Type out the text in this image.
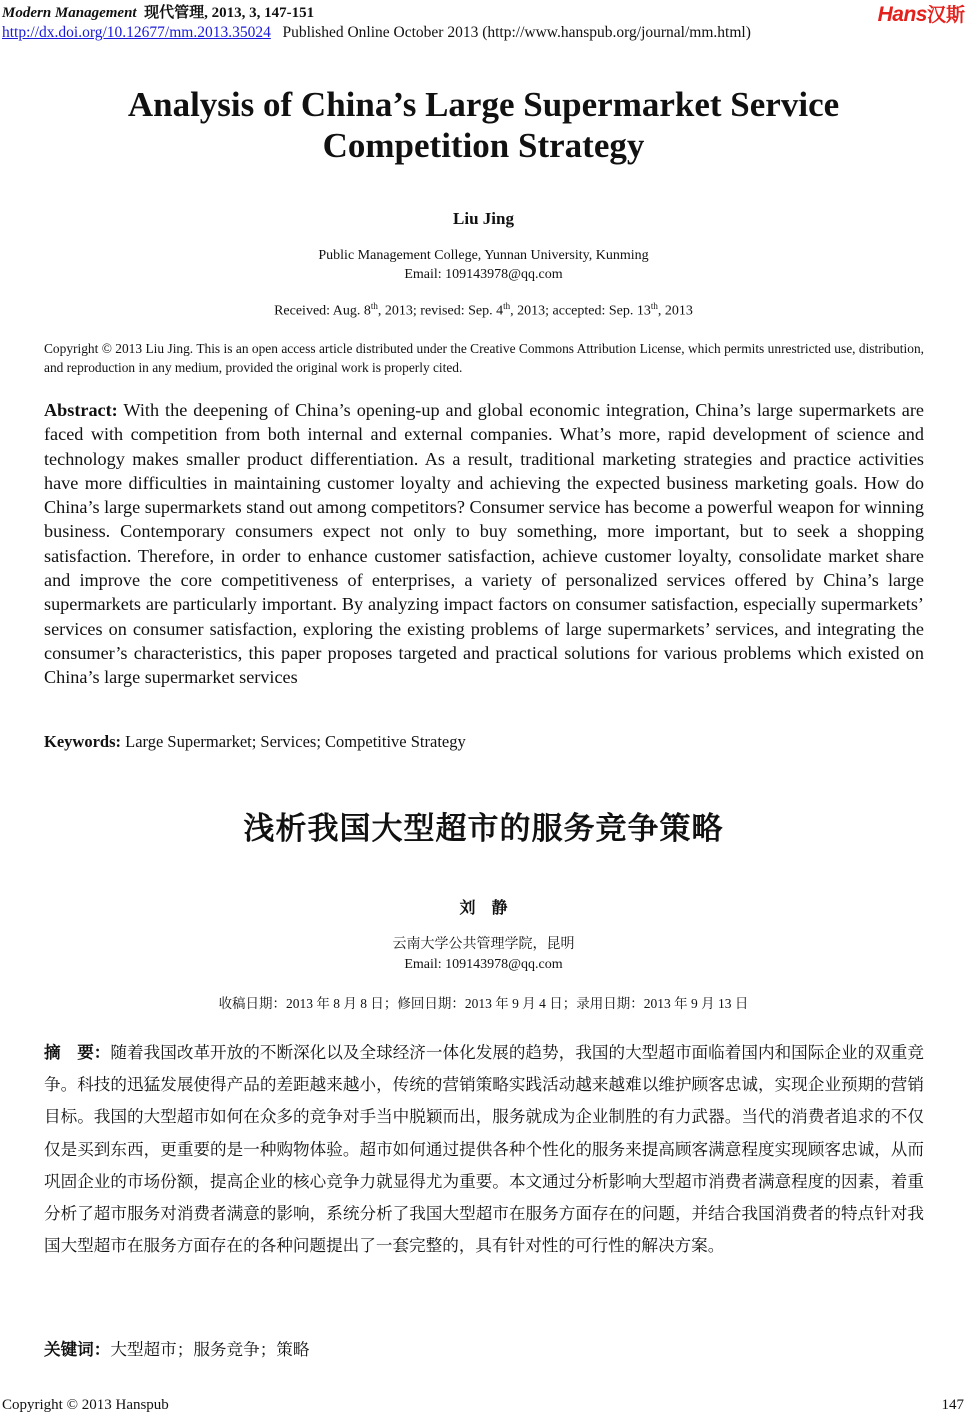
Modern Management 现代管理, 2013, 3, 147-151
http://dx.doi.org/10.12677/mm.2013.35024 Published Online October 2013 (http://www.hanspub.org/journal/mm.html)
Hans汉斯
Analysis of China’s Large Supermarket Service
Competition Strategy
Liu Jing
Public Management College, Yunnan University, Kunming
Email: 109143978@qq.com
Received: Aug. 8th, 2013; revised: Sep. 4th, 2013; accepted: Sep. 13th, 2013
Copyright © 2013 Liu Jing. This is an open access article distributed under the Creative Commons Attribution License, which permits unrestricted use, distribution, and reproduction in any medium, provided the original work is properly cited.
Abstract: With the deepening of China’s opening-up and global economic integration, China’s large supermarkets are faced with competition from both internal and external companies. What’s more, rapid development of science and technology makes smaller product differentiation. As a result, traditional marketing strategies and practice activities have more difficulties in maintaining customer loyalty and achieving the expected business marketing goals. How do China’s large supermarkets stand out among competitors? Consumer service has become a powerful weapon for winning business. Contemporary consumers expect not only to buy something, more important, but to seek a shopping satisfaction. Therefore, in order to enhance customer satisfaction, achieve customer loyalty, consolidate market share and improve the core competitiveness of enterprises, a variety of personalized services offered by China’s large supermarkets are particularly important. By analyzing impact factors on consumer satisfaction, especially supermarkets’ services on consumer satisfaction, exploring the existing problems of large supermarkets’ services, and integrating the consumer’s characteristics, this paper proposes targeted and practical solutions for various problems which existed on China’s large supermarket services
Keywords: Large Supermarket; Services; Competitive Strategy
浅析我国大型超市的服务竞争策略
刘　静
云南大学公共管理学院，昆明
Email: 109143978@qq.com
收稿日期：2013 年 8 月 8 日；修回日期：2013 年 9 月 4 日；录用日期：2013 年 9 月 13 日
摘　要：随着我国改革开放的不断深化以及全球经济一体化发展的趋势，我国的大型超市面临着国内和国际企业的双重竞争。科技的迅猛发展使得产品的差距越来越小，传统的营销策略实践活动越来越难以维护顾客忠诚，实现企业预期的营销目标。我国的大型超市如何在众多的竞争对手当中脱颖而出，服务就成为企业制胜的有力武器。当代的消费者追求的不仅仅是买到东西，更重要的是一种购物体验。超市如何通过提供各种个性化的服务来提高顾客满意程度实现顾客忠诚，从而巩固企业的市场份额，提高企业的核心竞争力就显得尤为重要。本文通过分析影响大型超市消费者满意程度的因素，着重分析了超市服务对消费者满意的影响，系统分析了我国大型超市在服务方面存在的问题，并结合我国消费者的特点针对我国大型超市在服务方面存在的各种问题提出了一套完整的，具有针对性的可行性的解决方案。
关键词：大型超市；服务竞争；策略
Copyright © 2013 Hanspub	147
